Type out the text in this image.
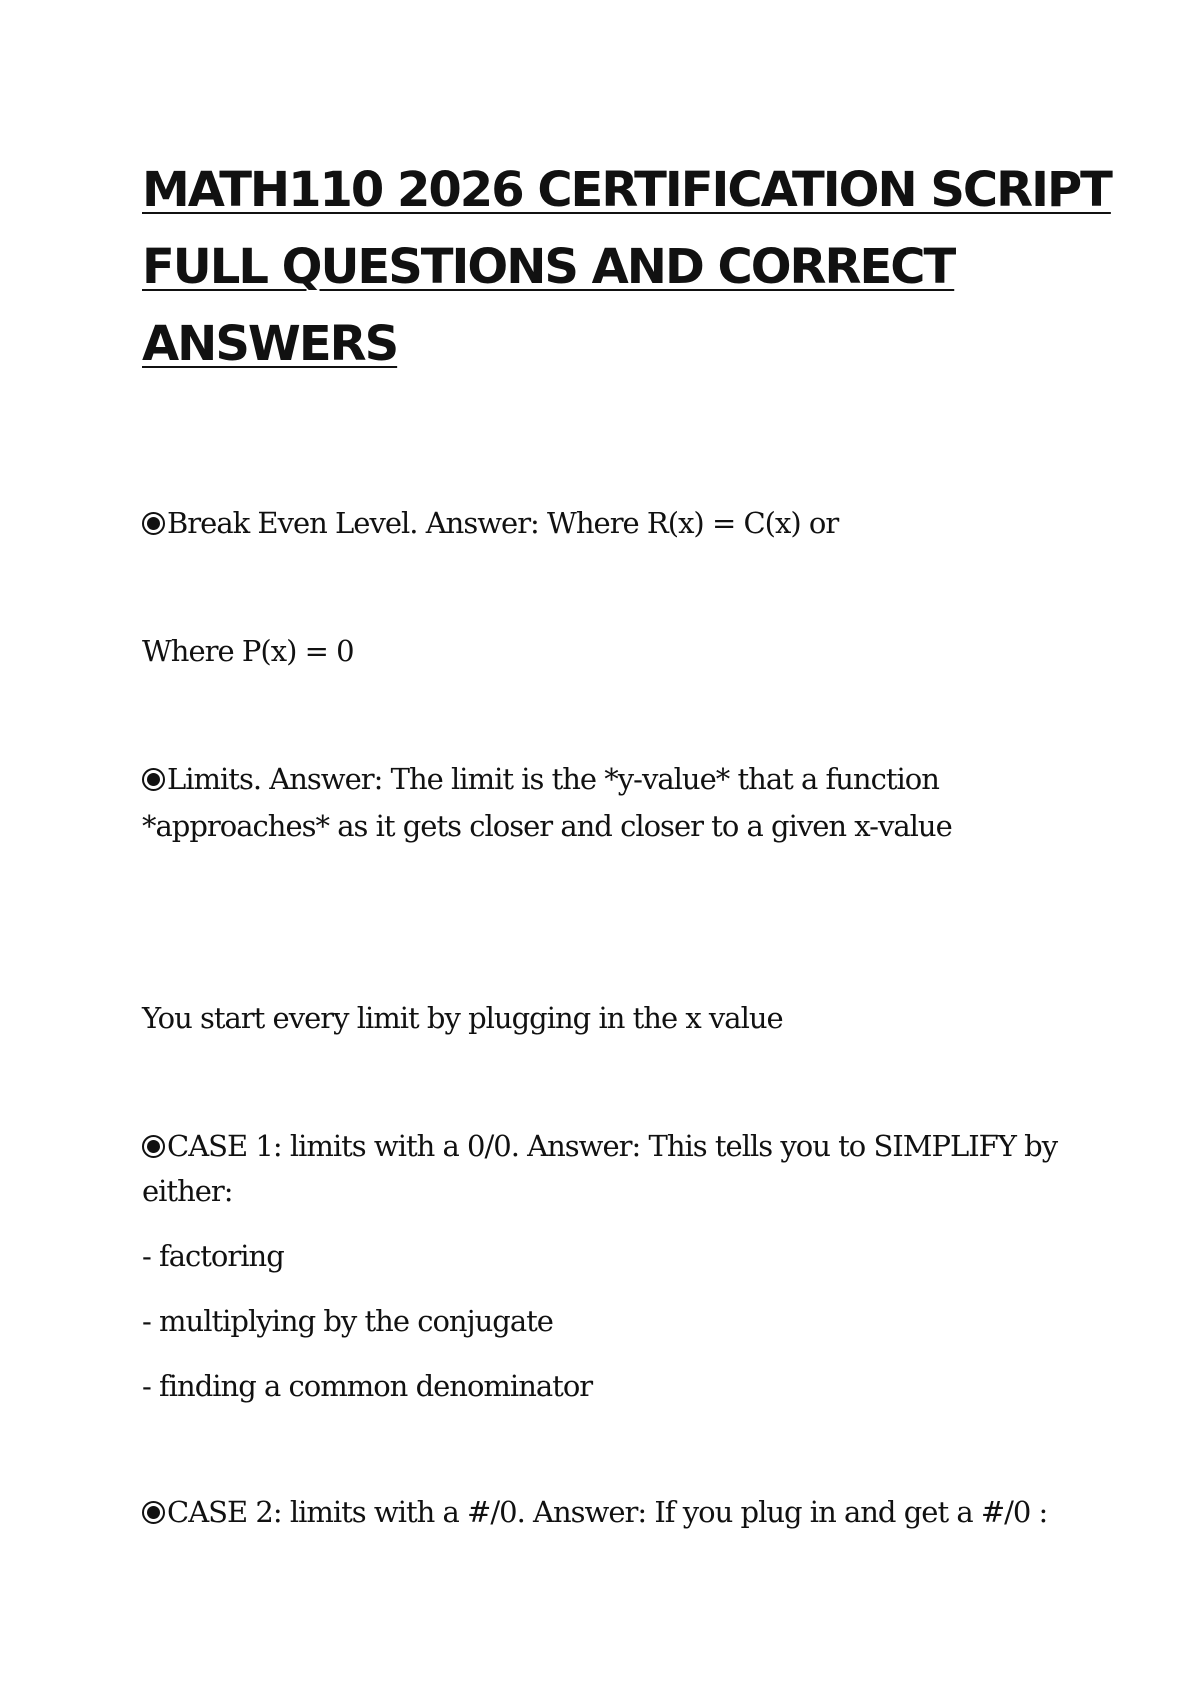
MATH110 2026 CERTIFICATION SCRIPT
FULL QUESTIONS AND CORRECT
ANSWERS

Break Even Level. Answer: Where R(x) = C(x) or

Where P(x) = 0

Limits. Answer: The limit is the *y-value* that a function

*approaches* as it gets closer and closer to a given x-value

You start every limit by plugging in the x value

CASE 1: limits with a 0/0. Answer: This tells you to SIMPLIFY by

either:

- factoring

- multiplying by the conjugate

- finding a common denominator

CASE 2: limits with a #/0. Answer: If you plug in and get a #/0 :
